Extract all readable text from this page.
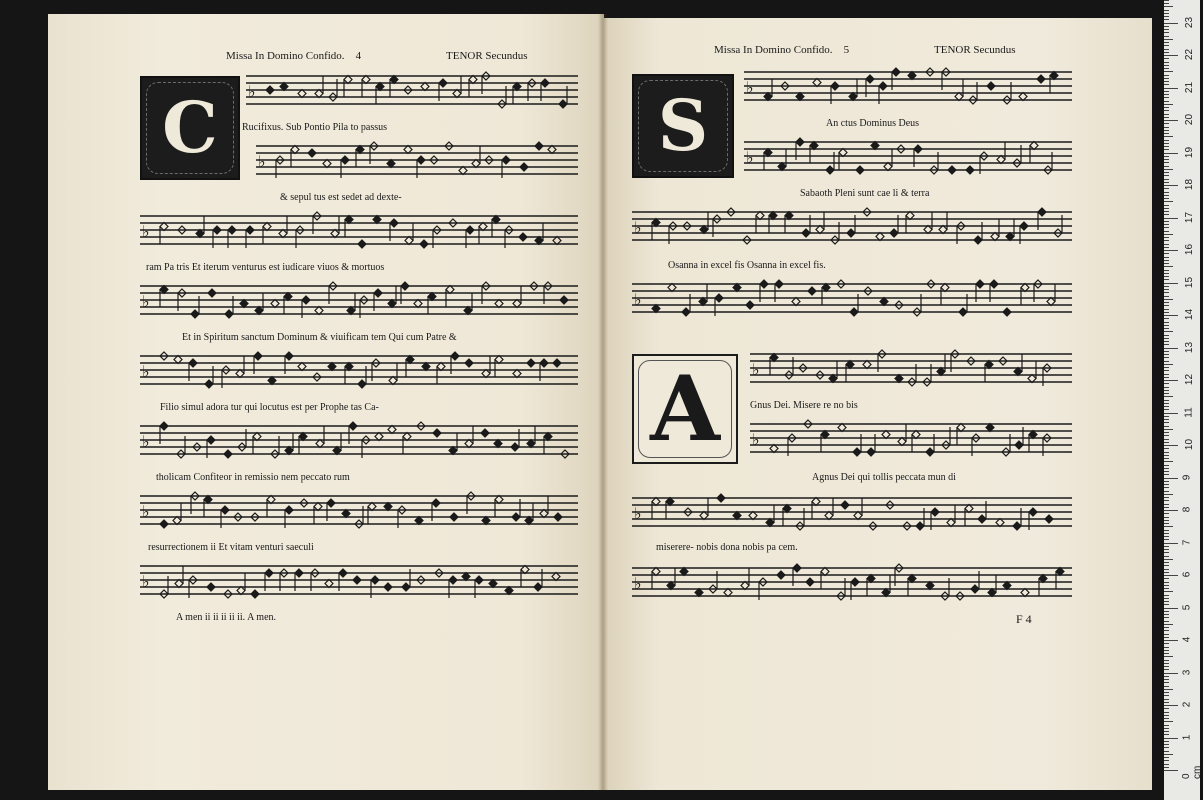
Missa In Domino Confido. 4	TENOR Secundus
C	♭
♭
♭
♭
♭
♭
♭
♭
Rucifixus. Sub Pontio Pila to passus
& sepul tus est sedet ad dexte-
ram Pa tris Et iterum venturus est iudicare viuos & mortuos
Et in Spiritum sanctum Dominum & viuificam tem Qui cum Patre &
Filio simul adora tur qui locutus est per Prophe tas Ca-
tholicam Confiteor in remissio nem peccato rum
resurrectionem ii Et vitam venturi saeculi
A men ii ii ii ii ii. A men.
Missa In Domino Confido. 5	TENOR Secundus
S	♭
♭
♭
♭
A	♭
♭
♭
♭
An ctus Dominus Deus
Sabaoth Pleni sunt cae li & terra
Osanna in excel fis Osanna in excel fis.
Gnus Dei. Misere re no bis
Agnus Dei qui tollis peccata mun di
miserere- nobis dona nobis pa cem.
F 4
0 cm
1
2
3
4
5
6
7
8
9
10
11
12
13
14
15
16
17
18
19
20
21
22
23
